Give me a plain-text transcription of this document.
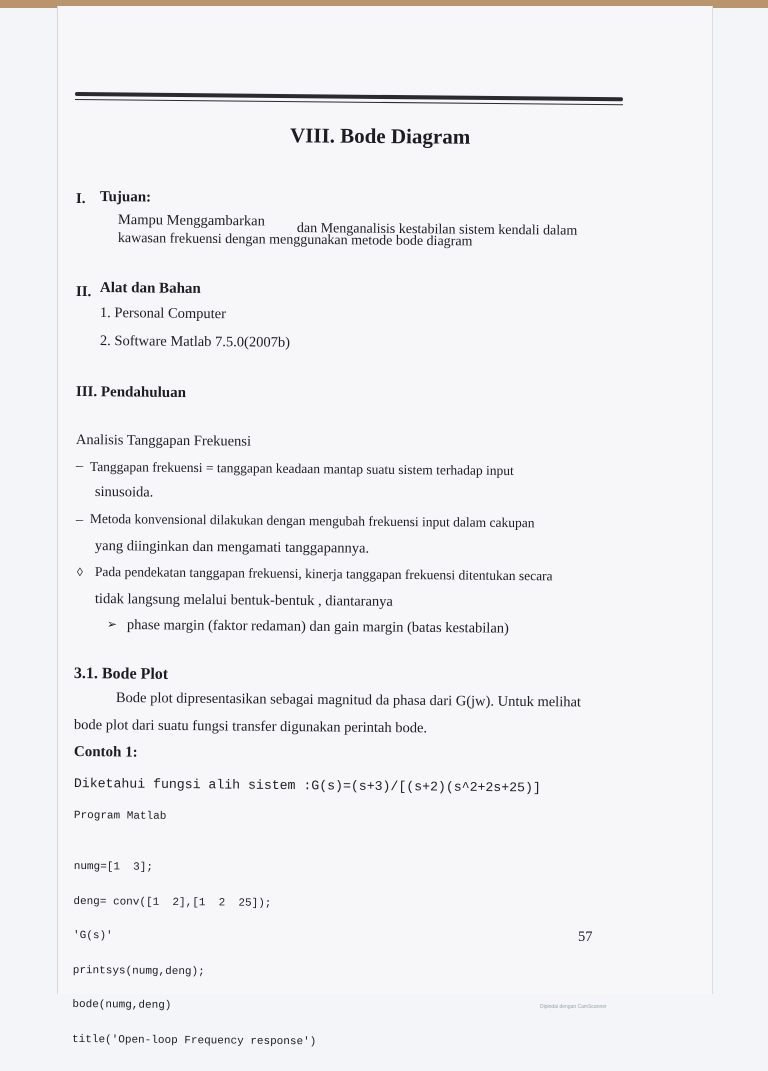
VIII. Bode Diagram
I. Tujuan:
Mampu Menggambarkan
dan Menganalisis kestabilan sistem kendali dalam
kawasan frekuensi dengan menggunakan metode bode diagram
II. Alat dan Bahan
1. Personal Computer
2. Software Matlab 7.5.0(2007b)
III. Pendahuluan
Analisis Tanggapan Frekuensi
– Tanggapan frekuensi = tanggapan keadaan mantap suatu sistem terhadap input
sinusoida.
– Metoda konvensional dilakukan dengan mengubah frekuensi input dalam cakupan
yang diinginkan dan mengamati tanggapannya.
◊ Pada pendekatan tanggapan frekuensi, kinerja tanggapan frekuensi ditentukan secara
tidak langsung melalui bentuk-bentuk , diantaranya
➢ phase margin (faktor redaman) dan gain margin (batas kestabilan)
3.1. Bode Plot
Bode plot dipresentasikan sebagai magnitud da phasa dari G(jw). Untuk melihat
bode plot dari suatu fungsi transfer digunakan perintah bode.
Contoh 1:
Diketahui fungsi alih sistem :G(s)=(s+3)/[(s+2)(s^2+2s+25)]
Program Matlab

numg=[1  3];

deng= conv([1  2],[1  2  25]);

'G(s)'

printsys(numg,deng);

bode(numg,deng)

title('Open-loop Frequency response')

57
Dipindai dengan CamScanner
